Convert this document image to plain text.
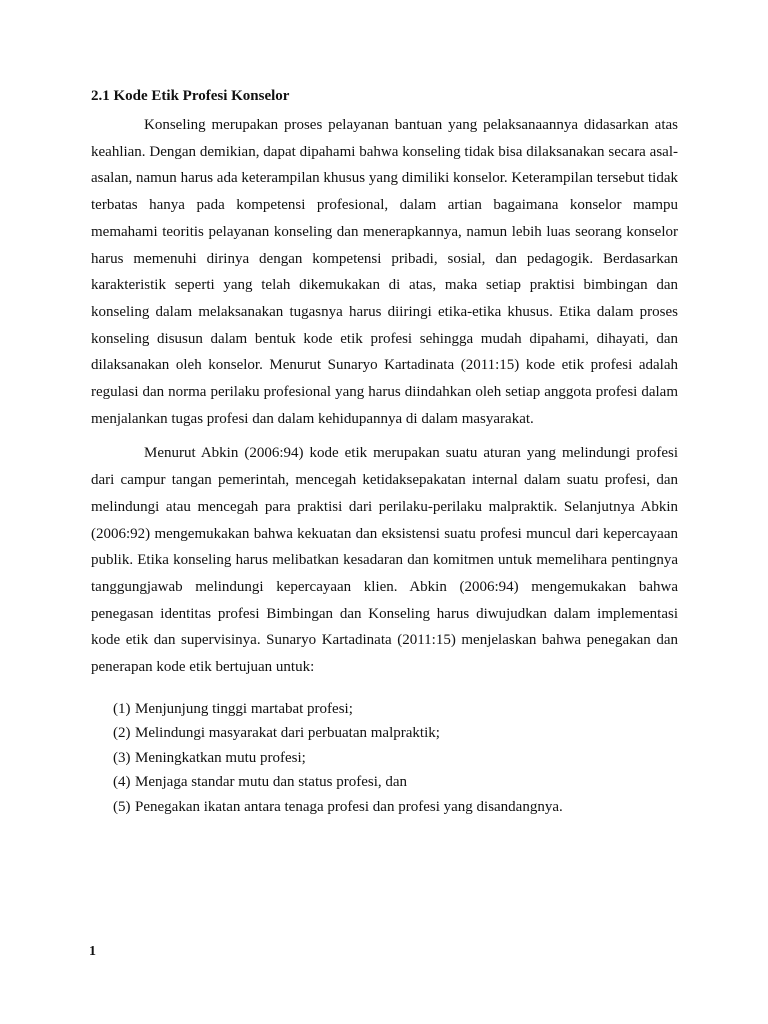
2.1 Kode Etik Profesi Konselor

Konseling merupakan proses pelayanan bantuan yang pelaksanaannya didasarkan atas keahlian. Dengan demikian, dapat dipahami bahwa konseling tidak bisa dilaksanakan secara asal-asalan, namun harus ada keterampilan khusus yang dimiliki konselor. Keterampilan tersebut tidak terbatas hanya pada kompetensi profesional, dalam artian bagaimana konselor mampu memahami teoritis pelayanan konseling dan menerapkannya, namun lebih luas seorang konselor harus memenuhi dirinya dengan kompetensi pribadi, sosial, dan pedagogik. Berdasarkan karakteristik seperti yang telah dikemukakan di atas, maka setiap praktisi bimbingan dan konseling dalam melaksanakan tugasnya harus diiringi etika-etika khusus. Etika dalam proses konseling disusun dalam bentuk kode etik profesi sehingga mudah dipahami, dihayati, dan dilaksanakan oleh konselor. Menurut Sunaryo Kartadinata (2011:15) kode etik profesi adalah regulasi dan norma perilaku profesional yang harus diindahkan oleh setiap anggota profesi dalam menjalankan tugas profesi dan dalam kehidupannya di dalam masyarakat.

Menurut Abkin (2006:94) kode etik merupakan suatu aturan yang melindungi profesi dari campur tangan pemerintah, mencegah ketidaksepakatan internal dalam suatu profesi, dan melindungi atau mencegah para praktisi dari perilaku-perilaku malpraktik. Selanjutnya Abkin (2006:92) mengemukakan bahwa kekuatan dan eksistensi suatu profesi muncul dari kepercayaan publik. Etika konseling harus melibatkan kesadaran dan komitmen untuk memelihara pentingnya tanggungjawab melindungi kepercayaan klien. Abkin (2006:94) mengemukakan bahwa penegasan identitas profesi Bimbingan dan Konseling harus diwujudkan dalam implementasi kode etik dan supervisinya. Sunaryo Kartadinata (2011:15) menjelaskan bahwa penegakan dan penerapan kode etik bertujuan untuk:

(1) Menjunjung tinggi martabat profesi;
(2) Melindungi masyarakat dari perbuatan malpraktik;
(3) Meningkatkan mutu profesi;
(4) Menjaga standar mutu dan status profesi, dan
(5) Penegakan ikatan antara tenaga profesi dan profesi yang disandangnya.
1
